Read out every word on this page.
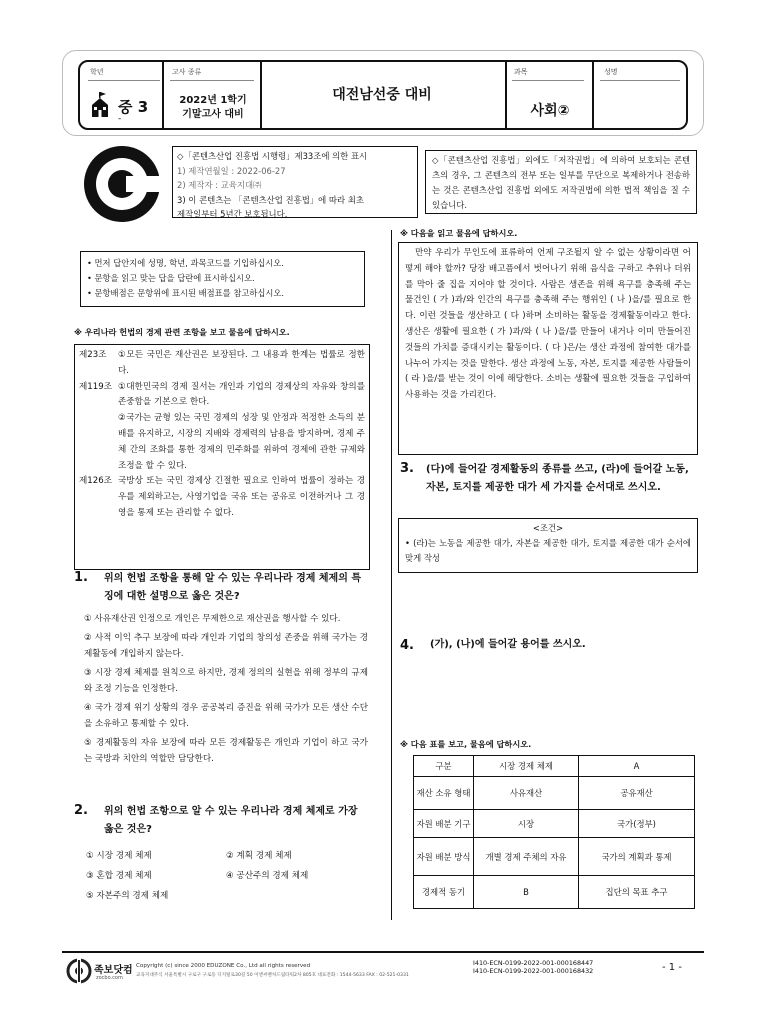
학년
중 3
-
고사 종류
2022년 1학기
기말고사 대비
대전남선중 대비
과목
사회②
성명
◇「콘텐츠산업 진흥법 시행령」제33조에 의한 표시
1) 제작연월일 : 2022-06-27
2) 제작자 : 교육지대㈜
3) 이 콘텐츠는 「콘텐츠산업 진흥법」에 따라 최초
제작일부터 5년간 보호됩니다.
◇「콘텐츠산업 진흥법」외에도「저작권법」에 의하여 보호되는 콘텐츠의 경우, 그 콘텐츠의 전부 또는 일부를 무단으로 복제하거나 전송하는 것은 콘텐츠산업 진흥법 외에도 저작권법에 의한 법적 책임을 질 수 있습니다.
• 먼저 답안지에 성명, 학년, 과목코드를 기입하십시오.
• 문항을 읽고 맞는 답을 답란에 표시하십시오.
• 문항배점은 문항위에 표시된 배점표를 참고하십시오.
※ 우리나라 헌법의 경제 관련 조항을 보고 물음에 답하시오.
제23조	①모든 국민은 재산권은 보장된다. 그 내용과 한계는 법률로 정한다.
제119조 ①대한민국의 경제 질서는 개인과 기업의 경제상의 자유와 창의를 존중함을 기본으로 한다.
②국가는 균형 있는 국민 경제의 성장 및 안정과 적정한 소득의 분배를 유지하고, 시장의 지배와 경제력의 남용을 방지하며, 경제 주체 간의 조화를 통한 경제의 민주화를 위하여 경제에 관한 규제와 조정을 할 수 있다.
제126조 국방상 또는 국민 경제상 긴절한 필요로 인하여 법률이 정하는 경우를 제외하고는, 사영기업을 국유 또는 공유로 이전하거나 그 경영을 통제 또는 관리할 수 없다.
1.	위의 헌법 조항을 통해 알 수 있는 우리나라 경제 체제의 특징에 대한 설명으로 옳은 것은?
① 사유재산권 인정으로 개인은 무제한으로 재산권을 행사할 수 있다.
② 사적 이익 추구 보장에 따라 개인과 기업의 창의성 존중을 위해 국가는 경제활동에 개입하지 않는다.
③ 시장 경제 체제를 원칙으로 하지만, 경제 정의의 실현을 위해 정부의 규제와 조정 기능을 인정한다.
④ 국가 경제 위기 상황의 경우 공공복리 증진을 위해 국가가 모든 생산 수단을 소유하고 통제할 수 있다.
⑤ 경제활동의 자유 보장에 따라 모든 경제활동은 개인과 기업이 하고 국가는 국방과 치안의 역할만 담당한다.
2.	위의 헌법 조항으로 알 수 있는 우리나라 경제 체제로 가장 옳은 것은?
① 시장 경제 체제	② 계획 경제 체제
③ 혼합 경제 체제	④ 공산주의 경제 체제
⑤ 자본주의 경제 체제
※ 다음을 읽고 물음에 답하시오.
만약 우리가 무인도에 표류하여 언제 구조될지 알 수 없는 상황이라면 어떻게 해야 할까? 당장 배고픔에서 벗어나기 위해 음식을 구하고 추위나 더위를 막아 줄 집을 지어야 할 것이다. 사람은 생존을 위해 욕구를 충족해 주는 물건인 ( 가 )과/와 인간의 욕구를 충족해 주는 행위인 ( 나 )을/를 필요로 한다. 이런 것들을 생산하고 ( 다 )하며 소비하는 활동을 경제활동이라고 한다. 생산은 생활에 필요한 ( 가 )과/와 ( 나 )을/를 만들어 내거나 이미 만들어진 것들의 가치를 증대시키는 활동이다. ( 다 )은/는 생산 과정에 참여한 대가를 나누어 가지는 것을 말한다. 생산 과정에 노동, 자본, 토지를 제공한 사람들이 ( 라 )을/를 받는 것이 이에 해당한다. 소비는 생활에 필요한 것들을 구입하여 사용하는 것을 가리킨다.
3.	(다)에 들어갈 경제활동의 종류를 쓰고, (라)에 들어갈 노동, 자본, 토지를 제공한 대가 세 가지를 순서대로 쓰시오.
<조건>
• (라)는 노동을 제공한 대가, 자본을 제공한 대가, 토지를 제공한 대가 순서에 맞게 작성
4.	(가), (나)에 들어갈 용어를 쓰시오.
※ 다음 표를 보고, 물음에 답하시오.
구분	시장 경제 체제	A
재산 소유 형태	사유재산	공유재산
자원 배분 기구	시장	국가(정부)
자원 배분 방식	개별 경제 주체의 자유	국가의 계획과 통제
경제적 동기	B	집단의 목표 추구
족보닷컴
zocbo.com
Copyright (c) since 2000 EDUZONE Co., Ltd all rights reserved
교육지대주식 서울특별시 구로구 구로동 디지털로30길 50 이앤씨벤처드림타워2차 805호 대표전화 : 1544-5633 FAX : 02-521-0331
I410-ECN-0199-2022-001-000168447
I410-ECN-0199-2022-001-000168432	- 1 -
